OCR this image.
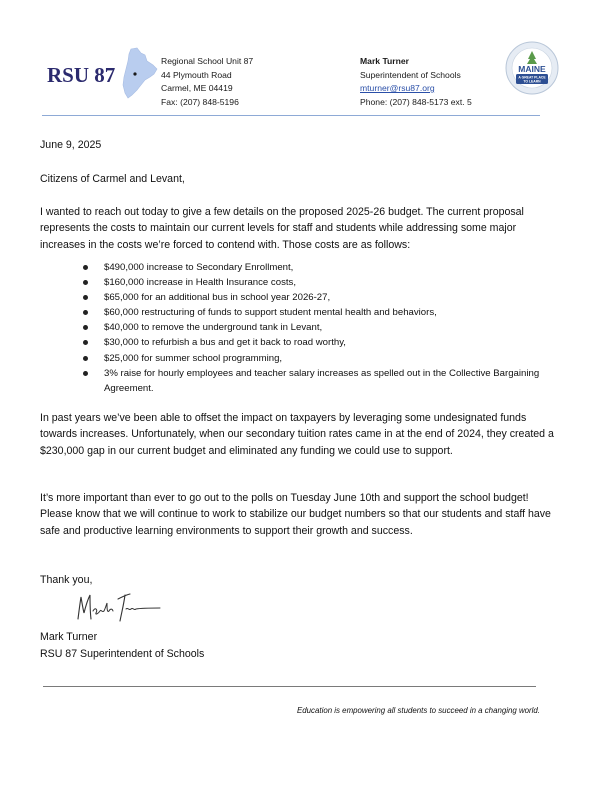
RSU 87
Regional School Unit 87
44 Plymouth Road
Carmel, ME 04419
Fax: (207) 848-5196
Mark Turner
Superintendent of Schools
mturner@rsu87.org
Phone: (207) 848-5173 ext. 5
MAINE
A GREAT PLACE
TO LEARN
June 9, 2025
Citizens of Carmel and Levant,
I wanted to reach out today to give a few details on the proposed 2025-26 budget. The current proposal represents the costs to maintain our current levels for staff and students while addressing some major increases in the costs we’re forced to contend with. Those costs are as follows:
$490,000 increase to Secondary Enrollment,
$160,000 increase in Health Insurance costs,
$65,000 for an additional bus in school year 2026-27,
$60,000 restructuring of funds to support student mental health and behaviors,
$40,000 to remove the underground tank in Levant,
$30,000 to refurbish a bus and get it back to road worthy,
$25,000 for summer school programming,
3% raise for hourly employees and teacher salary increases as spelled out in the Collective Bargaining Agreement.
In past years we’ve been able to offset the impact on taxpayers by leveraging some undesignated funds towards increases. Unfortunately, when our secondary tuition rates came in at the end of 2024, they created a $230,000 gap in our current budget and eliminated any funding we could use to support.
It’s more important than ever to go out to the polls on Tuesday June 10th and support the school budget! Please know that we will continue to work to stabilize our budget numbers so that our students and staff have safe and productive learning environments to support their growth and success.
Thank you,
Mark Turner
RSU 87 Superintendent of Schools
Education is empowering all students to succeed in a changing world.
